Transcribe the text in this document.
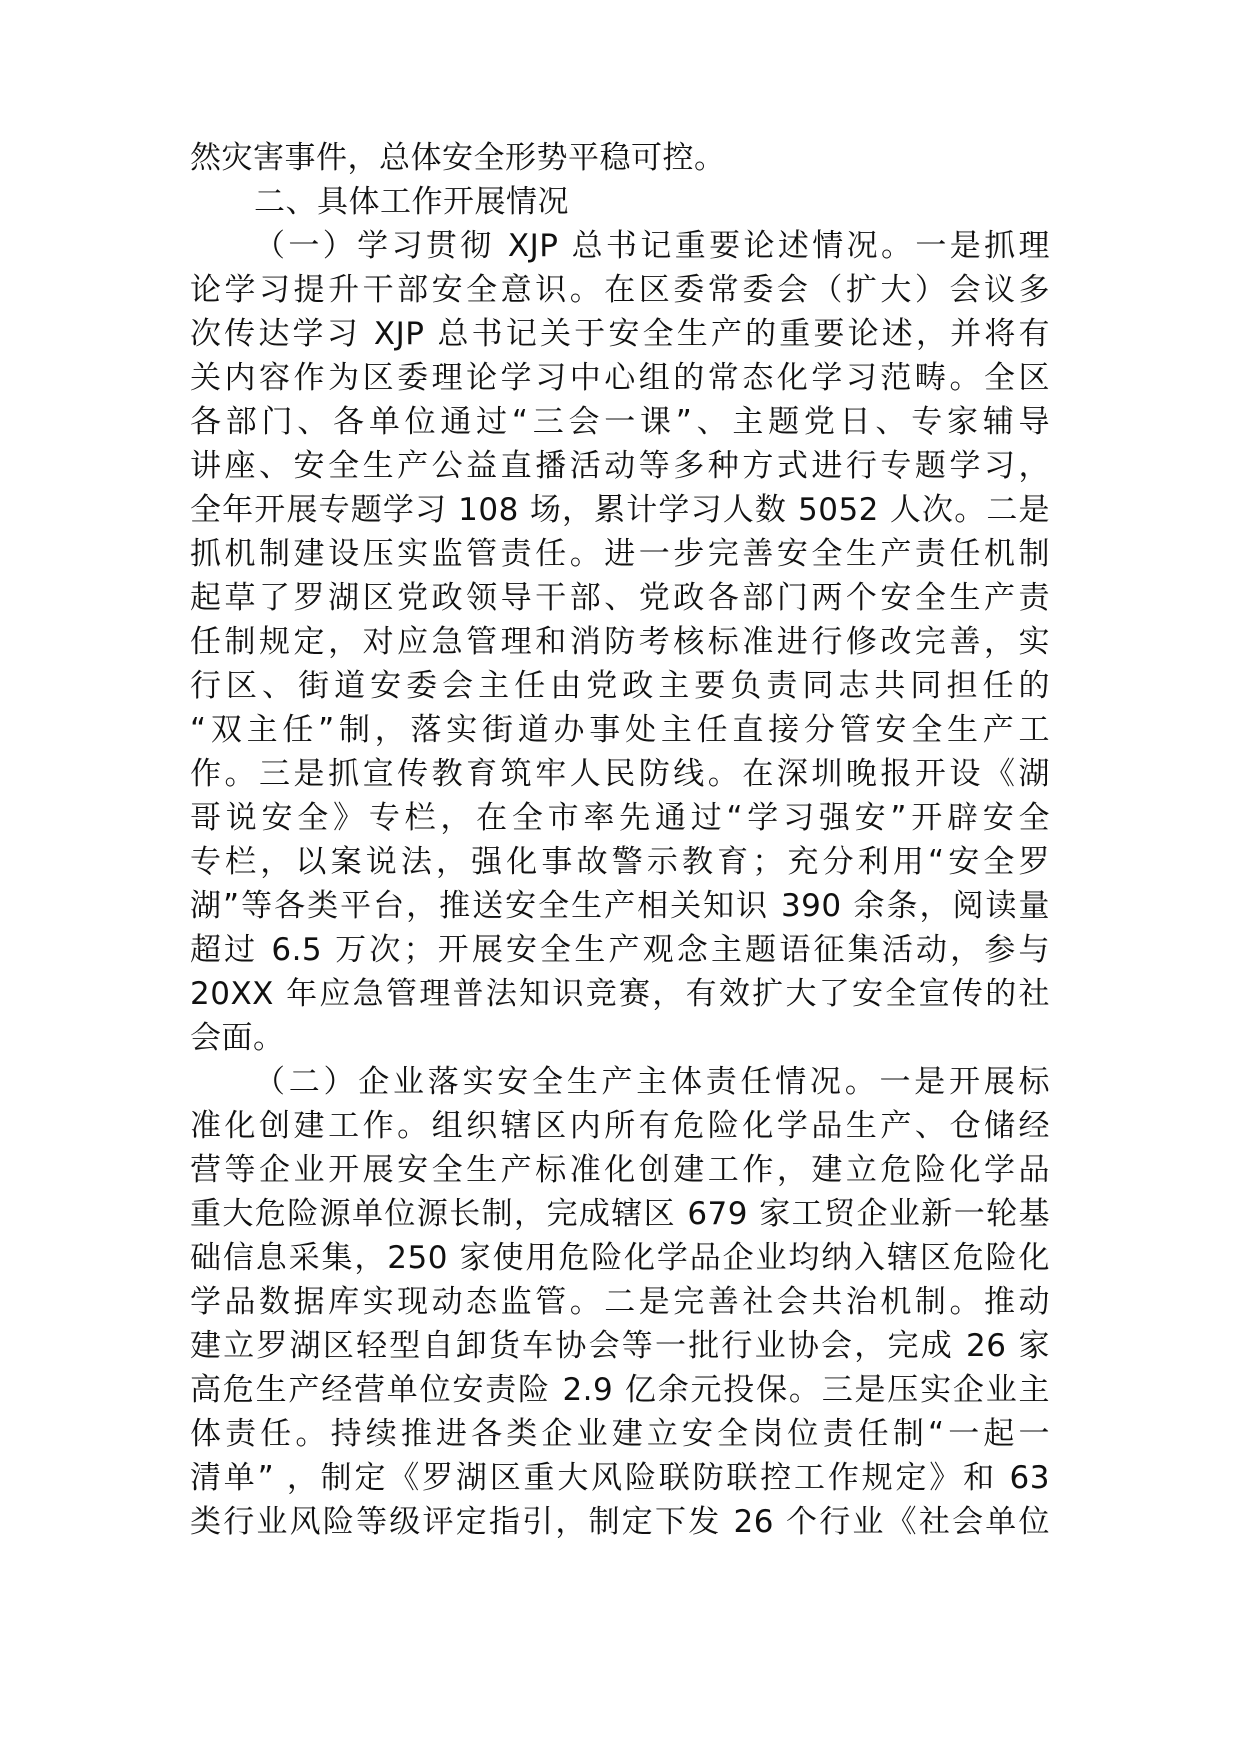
然灾害事件，总体安全形势平稳可控。
二、具体工作开展情况
（一）学习贯彻 XJP 总书记重要论述情况。一是抓理
论学习提升干部安全意识。在区委常委会（扩大）会议多
次传达学习 XJP 总书记关于安全生产的重要论述，并将有
关内容作为区委理论学习中心组的常态化学习范畴。全区
各部门、各单位通过“三会一课”、主题党日、专家辅导
讲座、安全生产公益直播活动等多种方式进行专题学习，
全年开展专题学习 108 场，累计学习人数 5052 人次。二是
抓机制建设压实监管责任。进一步完善安全生产责任机制
起草了罗湖区党政领导干部、党政各部门两个安全生产责
任制规定，对应急管理和消防考核标准进行修改完善，实
行区、街道安委会主任由党政主要负责同志共同担任的
“双主任”制，落实街道办事处主任直接分管安全生产工
作。三是抓宣传教育筑牢人民防线。在深圳晚报开设《湖
哥说安全》专栏，在全市率先通过“学习强安”开辟安全
专栏，以案说法，强化事故警示教育；充分利用“安全罗
湖”等各类平台，推送安全生产相关知识 390 余条，阅读量
超过 6.5 万次；开展安全生产观念主题语征集活动，参与
20XX 年应急管理普法知识竞赛，有效扩大了安全宣传的社
会面。
（二）企业落实安全生产主体责任情况。一是开展标
准化创建工作。组织辖区内所有危险化学品生产、仓储经
营等企业开展安全生产标准化创建工作，建立危险化学品
重大危险源单位源长制，完成辖区 679 家工贸企业新一轮基
础信息采集，250 家使用危险化学品企业均纳入辖区危险化
学品数据库实现动态监管。二是完善社会共治机制。推动
建立罗湖区轻型自卸货车协会等一批行业协会，完成 26 家
高危生产经营单位安责险 2.9 亿余元投保。三是压实企业主
体责任。持续推进各类企业建立安全岗位责任制“一起一
清单” ，制定《罗湖区重大风险联防联控工作规定》和 63
类行业风险等级评定指引，制定下发 26 个行业《社会单位
